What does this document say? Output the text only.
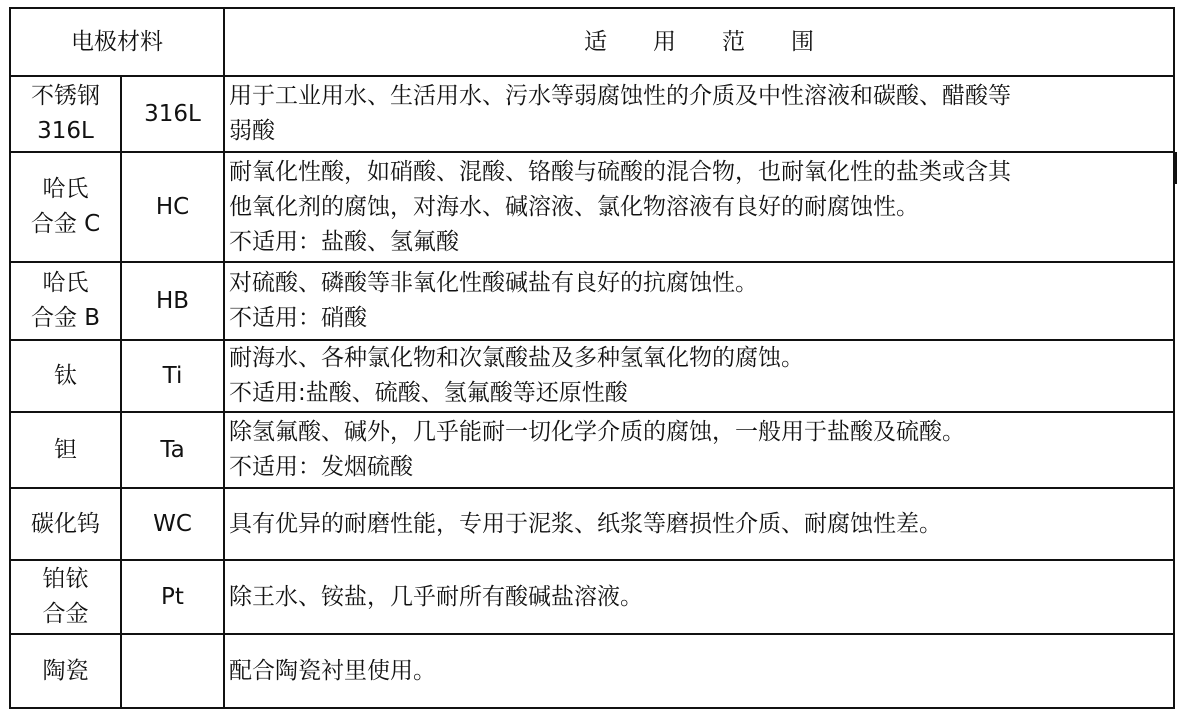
电极材料		适　　用　　范　　围

不锈钢
316L	316L	用于工业用水、生活用水、污水等弱腐蚀性的介质及中性溶液和碳酸、醋酸等
弱酸

哈氏
合金 C	HC	耐氧化性酸，如硝酸、混酸、铬酸与硫酸的混合物，也耐氧化性的盐类或含其
他氧化剂的腐蚀，对海水、碱溶液、氯化物溶液有良好的耐腐蚀性。
不适用：盐酸、氢氟酸

哈氏
合金 B	HB	对硫酸、磷酸等非氧化性酸碱盐有良好的抗腐蚀性。
不适用：硝酸

钛	Ti	耐海水、各种氯化物和次氯酸盐及多种氢氧化物的腐蚀。
不适用:盐酸、硫酸、氢氟酸等还原性酸

钽	Ta	除氢氟酸、碱外，几乎能耐一切化学介质的腐蚀，一般用于盐酸及硫酸。
不适用：发烟硫酸

碳化钨	WC	具有优异的耐磨性能，专用于泥浆、纸浆等磨损性介质、耐腐蚀性差。

铂铱
合金	Pt	除王水、铵盐，几乎耐所有酸碱盐溶液。

陶瓷		配合陶瓷衬里使用。
